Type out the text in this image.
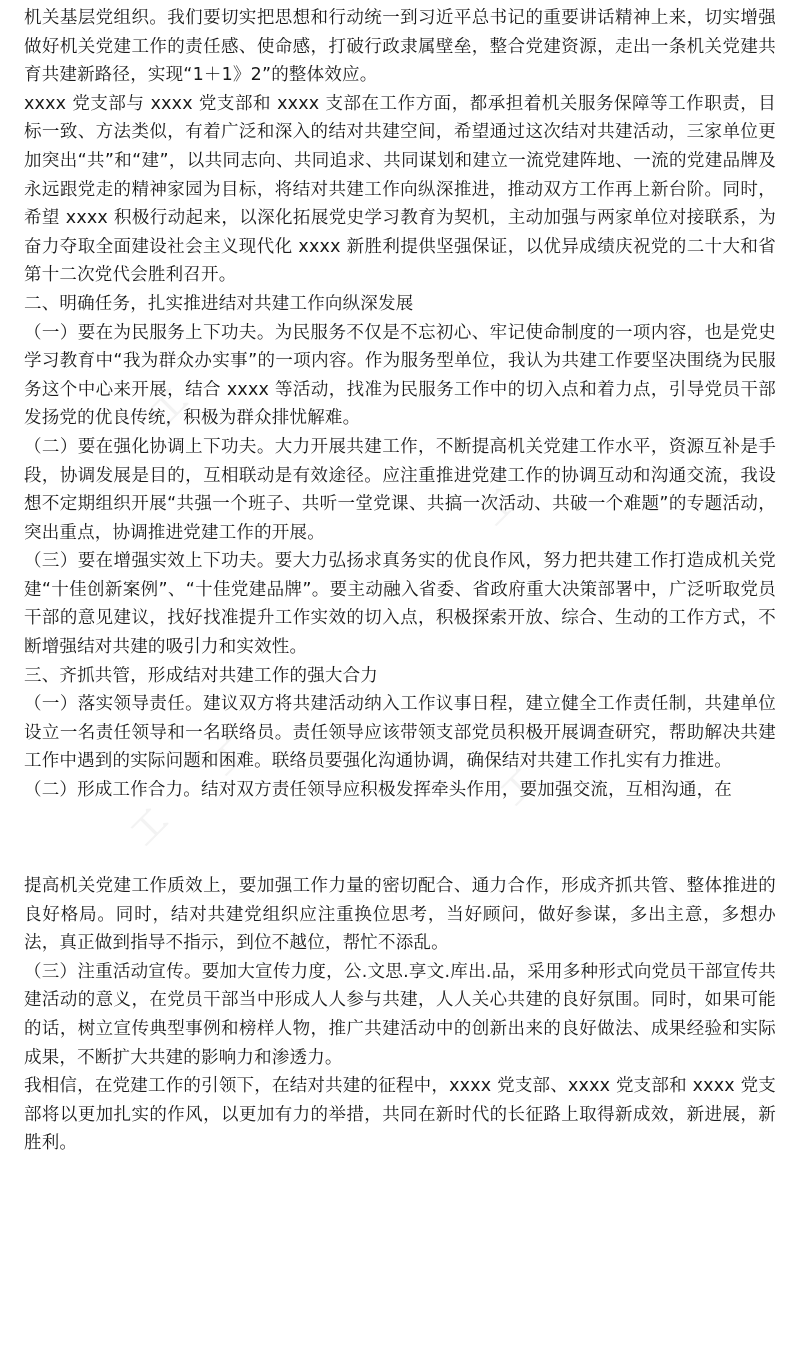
机关基层党组织。我们要切实把思想和行动统一到习近平总书记的重要讲话精神上来，切实增强做好机关党建工作的责任感、使命感，打破行政隶属壁垒，整合党建资源，走出一条机关党建共育共建新路径，实现“1＋1》2”的整体效应。

xxxx 党支部与 xxxx 党支部和 xxxx 支部在工作方面，都承担着机关服务保障等工作职责，目标一致、方法类似，有着广泛和深入的结对共建空间，希望通过这次结对共建活动，三家单位更加突出“共”和“建”，以共同志向、共同追求、共同谋划和建立一流党建阵地、一流的党建品牌及永远跟党走的精神家园为目标，将结对共建工作向纵深推进，推动双方工作再上新台阶。同时，希望 xxxx 积极行动起来，以深化拓展党史学习教育为契机，主动加强与两家单位对接联系，为奋力夺取全面建设社会主义现代化 xxxx 新胜利提供坚强保证，以优异成绩庆祝党的二十大和省第十二次党代会胜利召开。

二、明确任务，扎实推进结对共建工作向纵深发展

（一）要在为民服务上下功夫。为民服务不仅是不忘初心、牢记使命制度的一项内容，也是党史学习教育中“我为群众办实事”的一项内容。作为服务型单位，我认为共建工作要坚决围绕为民服务这个中心来开展，结合 xxxx 等活动，找准为民服务工作中的切入点和着力点，引导党员干部发扬党的优良传统，积极为群众排忧解难。

（二）要在强化协调上下功夫。大力开展共建工作，不断提高机关党建工作水平，资源互补是手段，协调发展是目的，互相联动是有效途径。应注重推进党建工作的协调互动和沟通交流，我设想不定期组织开展“共强一个班子、共听一堂党课、共搞一次活动、共破一个难题”的专题活动，突出重点，协调推进党建工作的开展。

（三）要在增强实效上下功夫。要大力弘扬求真务实的优良作风，努力把共建工作打造成机关党建“十佳创新案例”、“十佳党建品牌”。要主动融入省委、省政府重大决策部署中，广泛听取党员干部的意见建议，找好找准提升工作实效的切入点，积极探索开放、综合、生动的工作方式，不断增强结对共建的吸引力和实效性。

三、齐抓共管，形成结对共建工作的强大合力

（一）落实领导责任。建议双方将共建活动纳入工作议事日程，建立健全工作责任制，共建单位设立一名责任领导和一名联络员。责任领导应该带领支部党员积极开展调查研究，帮助解决共建工作中遇到的实际问题和困难。联络员要强化沟通协调，确保结对共建工作扎实有力推进。

（二）形成工作合力。结对双方责任领导应积极发挥牵头作用，要加强交流，互相沟通，在

提高机关党建工作质效上，要加强工作力量的密切配合、通力合作，形成齐抓共管、整体推进的良好格局。同时，结对共建党组织应注重换位思考，当好顾问，做好参谋，多出主意，多想办法，真正做到指导不指示，到位不越位，帮忙不添乱。

（三）注重活动宣传。要加大宣传力度，公.文思.享文.库出.品，采用多种形式向党员干部宣传共建活动的意义，在党员干部当中形成人人参与共建，人人关心共建的良好氛围。同时，如果可能的话，树立宣传典型事例和榜样人物，推广共建活动中的创新出来的良好做法、成果经验和实际成果，不断扩大共建的影响力和渗透力。

我相信，在党建工作的引领下，在结对共建的征程中，xxxx 党支部、xxxx 党支部和 xxxx 党支部将以更加扎实的作风，以更加有力的举措，共同在新时代的长征路上取得新成效，新进展，新胜利。
